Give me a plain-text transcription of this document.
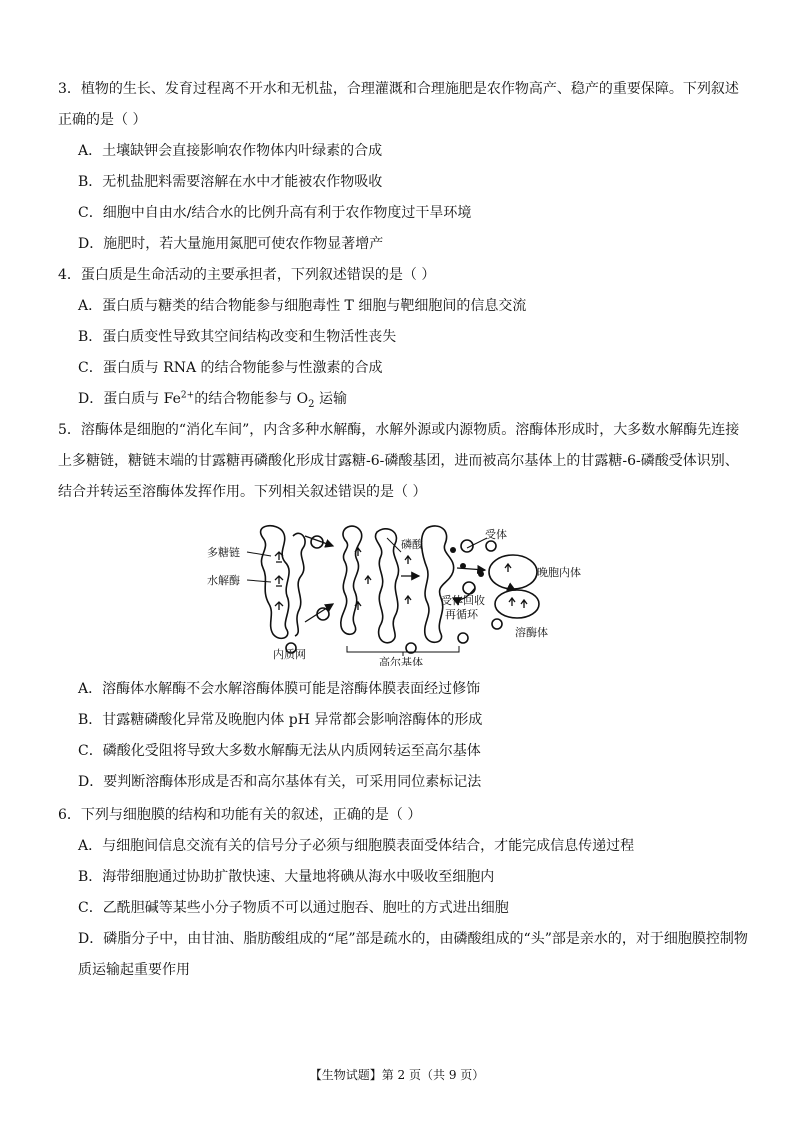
3．植物的生长、发育过程离不开水和无机盐，合理灌溉和合理施肥是农作物高产、稳产的重要保障。下列叙述正确的是（ ）

A．土壤缺钾会直接影响农作物体内叶绿素的合成

B．无机盐肥料需要溶解在水中才能被农作物吸收

C．细胞中自由水/结合水的比例升高有利于农作物度过干旱环境

D．施肥时，若大量施用氮肥可使农作物显著增产

4．蛋白质是生命活动的主要承担者，下列叙述错误的是（ ）

A．蛋白质与糖类的结合物能参与细胞毒性 T 细胞与靶细胞间的信息交流

B．蛋白质变性导致其空间结构改变和生物活性丧失

C．蛋白质与 RNA 的结合物能参与性激素的合成

D．蛋白质与 $Fe^{2+}$的结合物能参与 $O_2$ 运输

5．溶酶体是细胞的“消化车间”，内含多种水解酶，水解外源或内源物质。溶酶体形成时，大多数水解酶先连接上多糖链，糖链末端的甘露糖再磷酸化形成甘露糖-6-磷酸基团，进而被高尔基体上的甘露糖-6-磷酸受体识别、结合并转运至溶酶体发挥作用。下列相关叙述错误的是（ ）

多糖链
水解酶
内质网
高尔基体
磷酸
受体
晚胞内体
受体回收
再循环
溶酶体

A．溶酶体水解酶不会水解溶酶体膜可能是溶酶体膜表面经过修饰

B．甘露糖磷酸化异常及晚胞内体 pH 异常都会影响溶酶体的形成

C．磷酸化受阻将导致大多数水解酶无法从内质网转运至高尔基体

D．要判断溶酶体形成是否和高尔基体有关，可采用同位素标记法

6．下列与细胞膜的结构和功能有关的叙述，正确的是（ ）

A．与细胞间信息交流有关的信号分子必须与细胞膜表面受体结合，才能完成信息传递过程

B．海带细胞通过协助扩散快速、大量地将碘从海水中吸收至细胞内

C．乙酰胆碱等某些小分子物质不可以通过胞吞、胞吐的方式进出细胞

D．磷脂分子中，由甘油、脂肪酸组成的“尾”部是疏水的，由磷酸组成的“头”部是亲水的，对于细胞膜控制物质运输起重要作用

【生物试题】第 2 页（共 9 页）
